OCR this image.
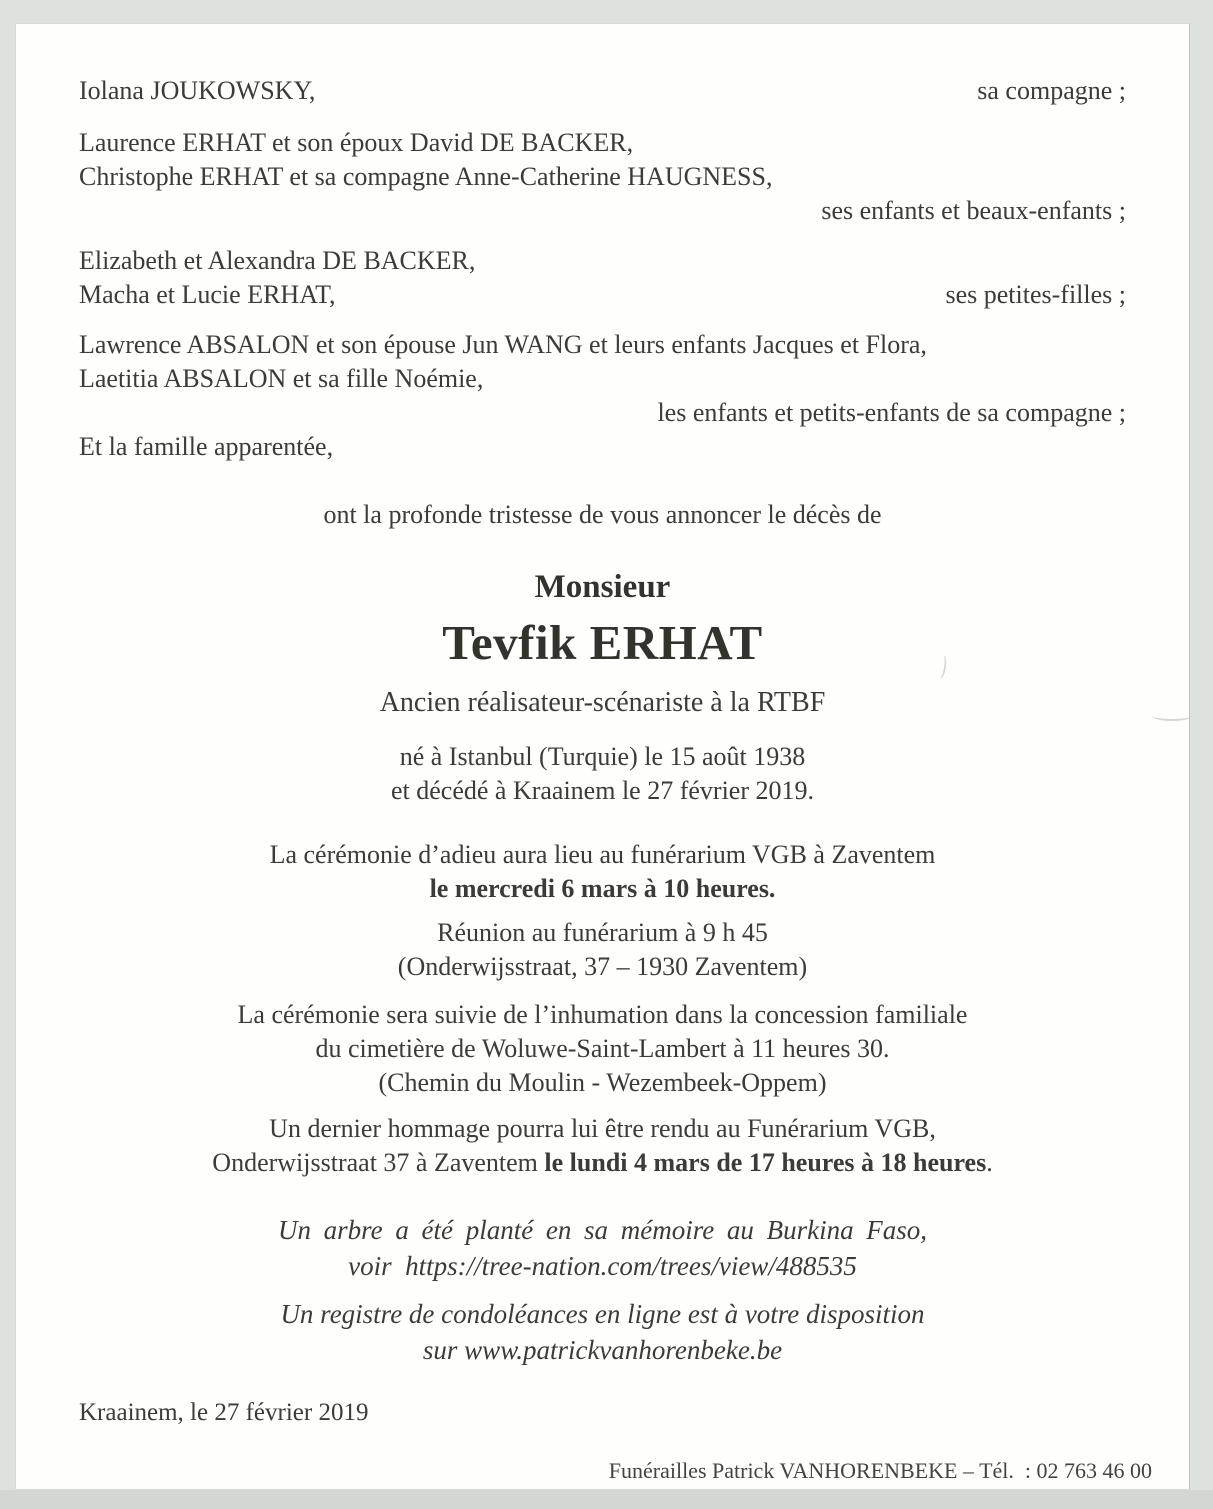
Iolana JOUKOWSKY,	sa compagne ;
Laurence ERHAT et son époux David DE BACKER,
Christophe ERHAT et sa compagne Anne-Catherine HAUGNESS,
ses enfants et beaux-enfants ;
Elizabeth et Alexandra DE BACKER,
Macha et Lucie ERHAT,	ses petites-filles ;
Lawrence ABSALON et son épouse Jun WANG et leurs enfants Jacques et Flora,
Laetitia ABSALON et sa fille Noémie,
les enfants et petits-enfants de sa compagne ;
Et la famille apparentée,
ont la profonde tristesse de vous annoncer le décès de
Monsieur
Tevfik ERHAT
Ancien réalisateur-scénariste à la RTBF
né à Istanbul (Turquie) le 15 août 1938
et décédé à Kraainem le 27 février 2019.
La cérémonie d’adieu aura lieu au funérarium VGB à Zaventem
le mercredi 6 mars à 10 heures.
Réunion au funérarium à 9 h 45
(Onderwijsstraat, 37 – 1930 Zaventem)
La cérémonie sera suivie de l’inhumation dans la concession familiale
du cimetière de Woluwe-Saint-Lambert à 11 heures 30.
(Chemin du Moulin - Wezembeek-Oppem)
Un dernier hommage pourra lui être rendu au Funérarium VGB,
Onderwijsstraat 37 à Zaventem le lundi 4 mars de 17 heures à 18 heures.
Un arbre a été planté en sa mémoire au Burkina Faso,
voir  https://tree-nation.com/trees/view/488535
Un registre de condoléances en ligne est à votre disposition
sur www.patrickvanhorenbeke.be
Kraainem, le 27 février 2019
Funérailles Patrick VANHORENBEKE – Tél.  : 02 763 46 00
